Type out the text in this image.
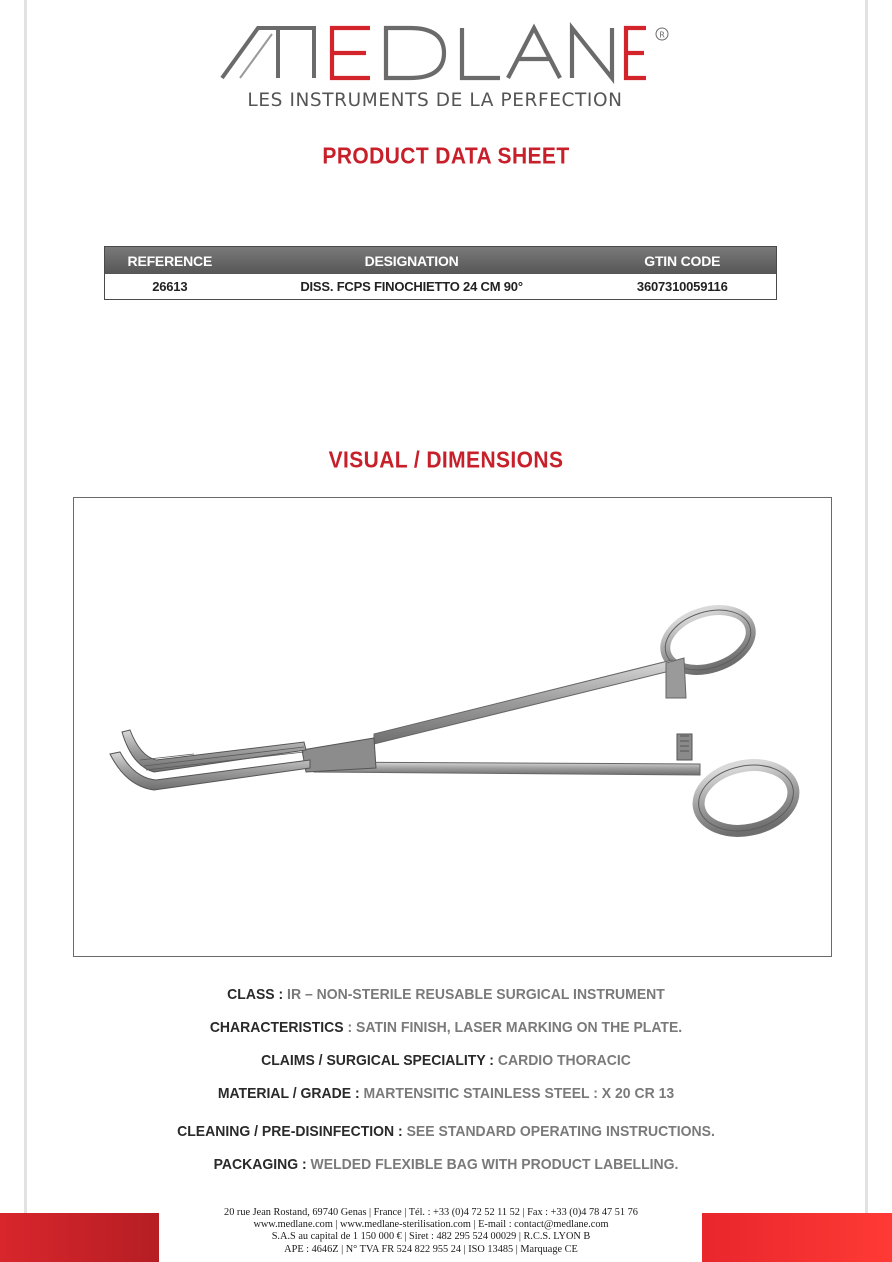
R
LES INSTRUMENTS DE LA PERFECTION
PRODUCT DATA SHEET
REFERENCE	DESIGNATION	GTIN CODE
26613	DISS. FCPS FINOCHIETTO 24 CM 90°	3607310059116
VISUAL / DIMENSIONS
CLASS : IR – NON-STERILE REUSABLE SURGICAL INSTRUMENT
CHARACTERISTICS : SATIN FINISH, LASER MARKING ON THE PLATE.
CLAIMS / SURGICAL SPECIALITY : CARDIO THORACIC
MATERIAL / GRADE : MARTENSITIC STAINLESS STEEL : X 20 CR 13
CLEANING / PRE-DISINFECTION : SEE STANDARD OPERATING INSTRUCTIONS.
PACKAGING : WELDED FLEXIBLE BAG WITH PRODUCT LABELLING.
20 rue Jean Rostand, 69740 Genas | France | Tél. : +33 (0)4 72 52 11 52 | Fax : +33 (0)4 78 47 51 76
www.medlane.com | www.medlane-sterilisation.com | E-mail : contact@medlane.com
S.A.S au capital de 1 150 000 € | Siret : 482 295 524 00029 | R.C.S. LYON B
APE : 4646Z | N° TVA FR 524 822 955 24 | ISO 13485 | Marquage CE
